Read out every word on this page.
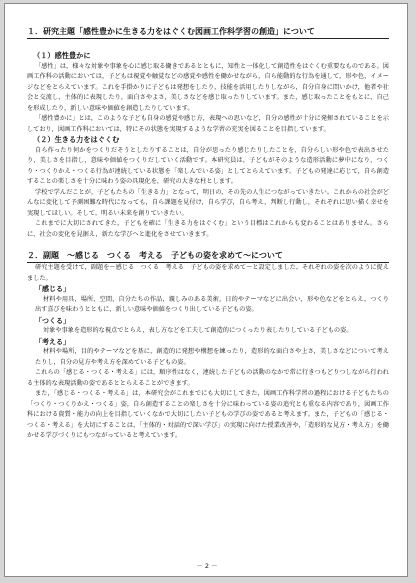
１．研究主題「感性豊かに生きる力をはぐくむ図画工作科学習の創造」について
（１）感性豊かに

「感性」は，様々な対象や事象を心に感じ取る働きであるとともに，知性と一体化して創造性をはぐくむ重要なものである。図画工作科の活動においては，子どもは視覚や触覚などの感覚や感性を働かせながら，自ら能動的な行為を通して，形や色，イメージなどをとらえています。これを手掛かりに子どもは発想をしたり，技能を活用したりしながら，自分自身に問いかけ，他者や社会と交流し，主体的に表現したり，面白さやよさ，美しさなどを感じ取ったりしています。また，感じ取ったことをもとに，自己を形成したり，新しい意味や価値を創造したりしています。

「感性豊かに」とは，このような子ども自身の感覚や感じ方，表現への思いなど，自分の感性が十分に発揮されていることを示しており，図画工作科においては，特にその状態を実現するような学習の充実を図ることを目指しています。

（２）生きる力をはぐくむ

自ら作ったり何かをつくりだそうとしたりすることは，自分が思ったり感じたりしたことを，自分らしい形や色で表出させたり，美しさを目指し，意味や価値をつくりだしていく活動です。本研究員は，子どもがそのような造形活動に夢中になり，つくり・つくりかえ・つくる行為が連続している状態を「楽しんでいる姿」としてとらえています。子どもの発達に応じて，自ら創造することの楽しさを十分に味わう姿の具現化を，研究の大きな柱とします。

学校で学んだことが，子どもたちの「生きる力」となって，明日の，その先の人生につながっていきたい。これからの社会がどんなに変化して予測困難な時代になっても，自ら課題を見付け，自ら学び，自ら考え，判断し行動し，それぞれに思い描く幸せを実現してほしい。そして，明るい未来を創りていきたい。

これまでに大切にされてきた，子どもを確に「生きる力をはぐくむ」という目標はこれからも変わることはありません。さらに，社会の変化を見据え，新たな学びへと進化をさせていきます。

２．副題　～感じる　つくる　考える　子どもの姿を求めて～について

研究主題を受けて，副題を～感じる　つくる　考える　子どもの姿を求めて～と設定しました。それぞれの姿を次のように捉えました。

「感じる」

材料や用具，場所，空間，自分たちの作品，親しみのある美術，日的やテーマなどに出会い，形や色などをとらえ，つくり出す喜びを味わうとともに，新しい意味や価値をつくり出している子どもの姿。

「つくる」

対象や事象を造形的な視点でとらえ，表し方などを工夫して創造的につくったり表したりしている子どもの姿。

「考える」

材料や場所，目的やテーマなどを基に，創造的に発想や構想を練ったり，造形的な面白さや上さ，美しさなどについて考えたりし，自分の見方や考え方を深めている子どもの姿。

これらの「感じる・つくる・考える」には，順序性はなく，連続した子どもの活動のなかで常に行きつもどりつしながら行われる主体的な表現活動の姿であるととらえることができます。

また，「感じる・つくる・考える」は，本研究会がこれまでにも大切にしてきた，図画工作科学習の過程における子どもたちの「つくり・つくりかえ・つくる」姿，自ら創造することの楽しさを十分に味わっている姿の追究とも重なる内容であり，図画工作科における資質・能力の向上を目指していくなかで大切にしたい子どもの学びの姿であると考えます。また，子どもの「感じる・つくる・考える」を大切にすることは，「主体的・対話的で深い学び」の実現に向けた授業改善や，「造形的な見方・考え方」を働かせる学びづくりにもつながっていると考えています。

－ 2 －
